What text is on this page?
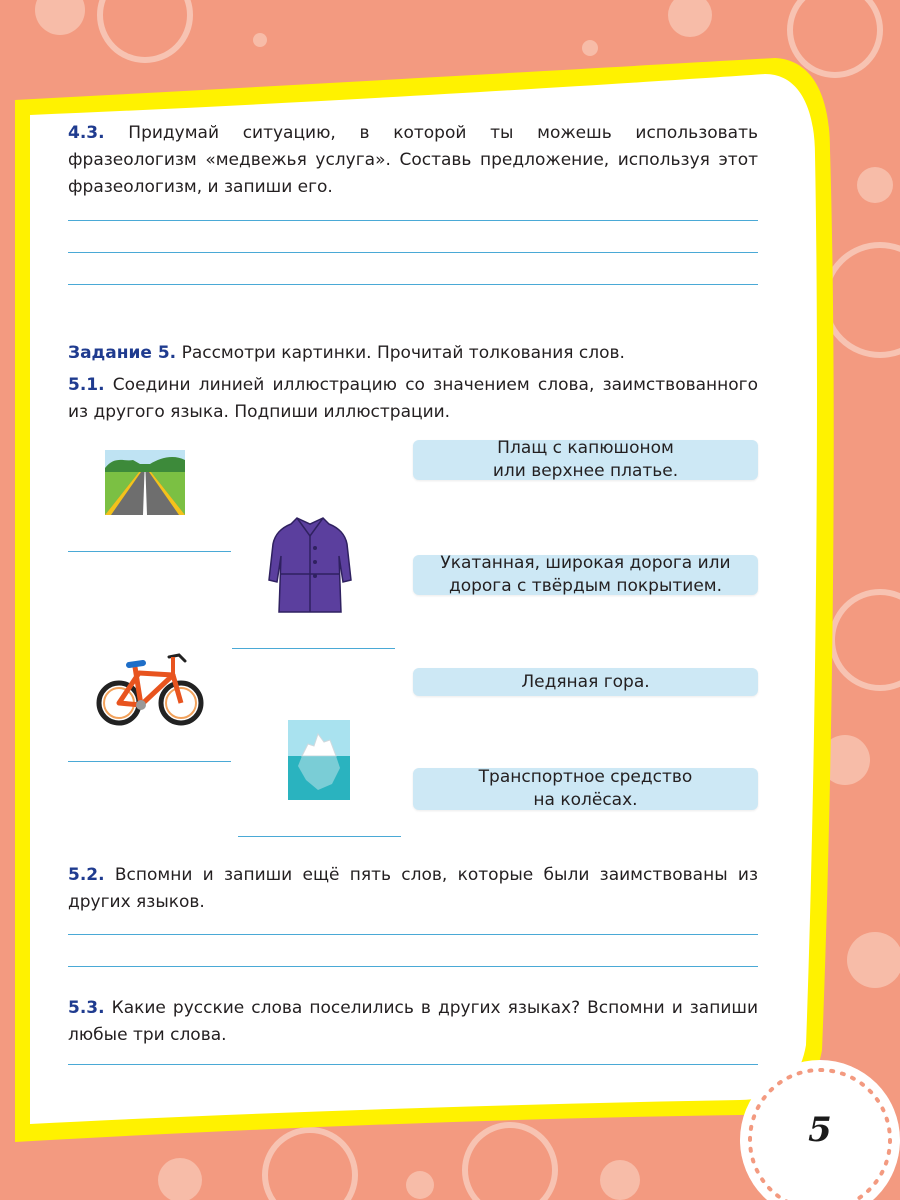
4.3. Придумай ситуацию, в которой ты можешь использовать фразеологизм «медвежья услуга». Составь предложение, используя этот фразеологизм, и запиши его.

Задание 5. Рассмотри картинки. Прочитай толкования слов.

5.1. Соедини линией иллюстрацию со значением слова, заимствованного из другого языка. Подпиши иллюстрации.

Плащ с капюшоном
или верхнее платье.
Укатанная, широкая дорога или
дорога с твёрдым покрытием.
Ледяная гора.
Транспортное средство
на колёсах.

5.2. Вспомни и запиши ещё пять слов, которые были заимствованы из других языков.

5.3. Какие русские слова поселились в других языках? Вспомни и запиши любые три слова.

5
